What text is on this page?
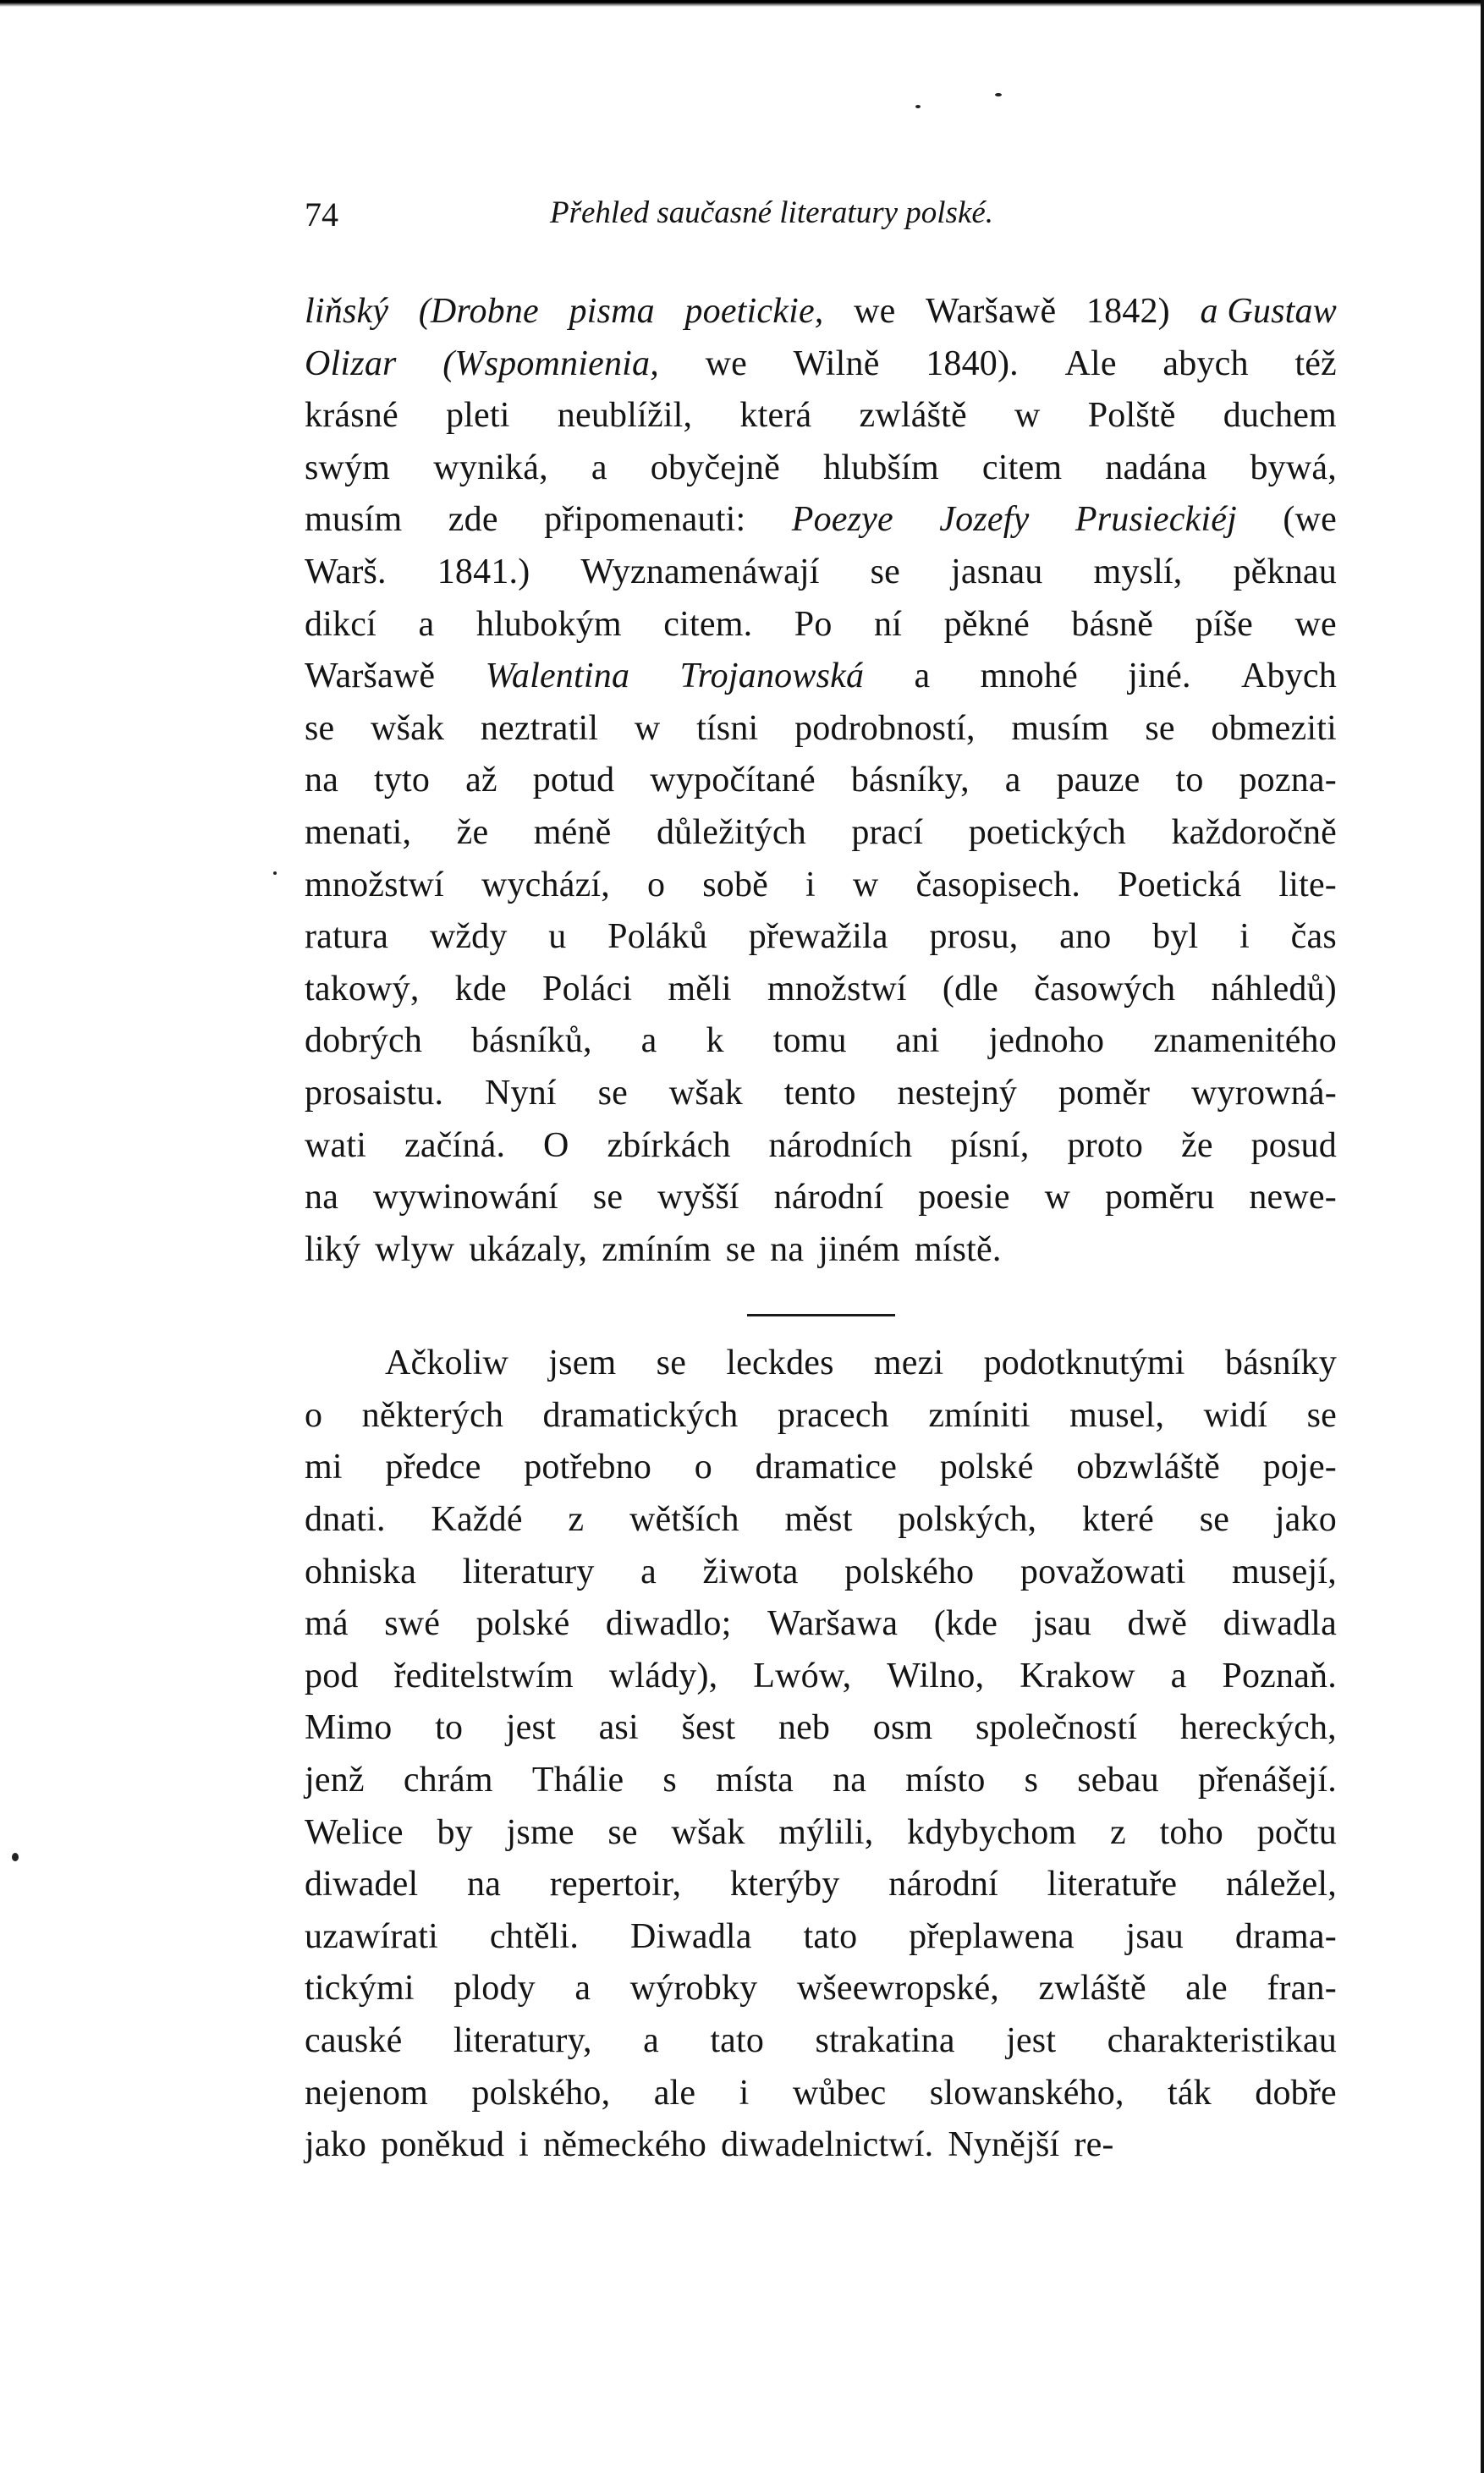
74	Přehled saučasné literatury polské.
liňský (Drobne pisma poetickie, we Waršawě 1842) a Gustaw
Olizar (Wspomnienia, we Wilně 1840). Ale abych též
krásné pleti neublížil, která zwláště w Polště duchem
swým wyniká, a obyčejně hlubším citem nadána bywá,
musím zde připomenauti: Poezye Jozefy Prusieckiéj (we
Warš. 1841.) Wyznamenáwají se jasnau myslí, pěknau
dikcí a hlubokým citem. Po ní pěkné básně píše we
Waršawě Walentina Trojanowská a mnohé jiné. Abych
se wšak neztratil w tísni podrobností, musím se obmeziti
na tyto až potud wypočítané básníky, a pauze to pozna-
menati, že méně důležitých prací poetických každoročně
množstwí wychází, o sobě i w časopisech. Poetická lite-
ratura wždy u Poláků přewažila prosu, ano byl i čas
takowý, kde Poláci měli množstwí (dle časowých náhledů)
dobrých básníků, a k tomu ani jednoho znamenitého
prosaistu. Nyní se wšak tento nestejný poměr wyrowná-
wati začíná. O zbírkách národních písní, proto že posud
na wywinowání se wyšší národní poesie w poměru newe-
liký wlyw ukázaly, zmíním se na jiném místě.
Ačkoliw jsem se leckdes mezi podotknutými básníky
o některých dramatických pracech zmíniti musel, widí se
mi předce potřebno o dramatice polské obzwláště poje-
dnati. Každé z wětších měst polských, které se jako
ohniska literatury a žiwota polského považowati musejí,
má swé polské diwadlo; Waršawa (kde jsau dwě diwadla
pod ředitelstwím wlády), Lwów, Wilno, Krakow a Poznaň.
Mimo to jest asi šest neb osm společností hereckých,
jenž chrám Thálie s místa na místo s sebau přenášejí.
Welice by jsme se wšak mýlili, kdybychom z toho počtu
diwadel na repertoir, kterýby národní literatuře náležel,
uzawírati chtěli. Diwadla tato přeplawena jsau drama-
tickými plody a wýrobky wšeewropské, zwláště ale fran-
causké literatury, a tato strakatina jest charakteristikau
nejenom polského, ale i wůbec slowanského, ták dobře
jako poněkud i německého diwadelnictwí. Nynější re-
